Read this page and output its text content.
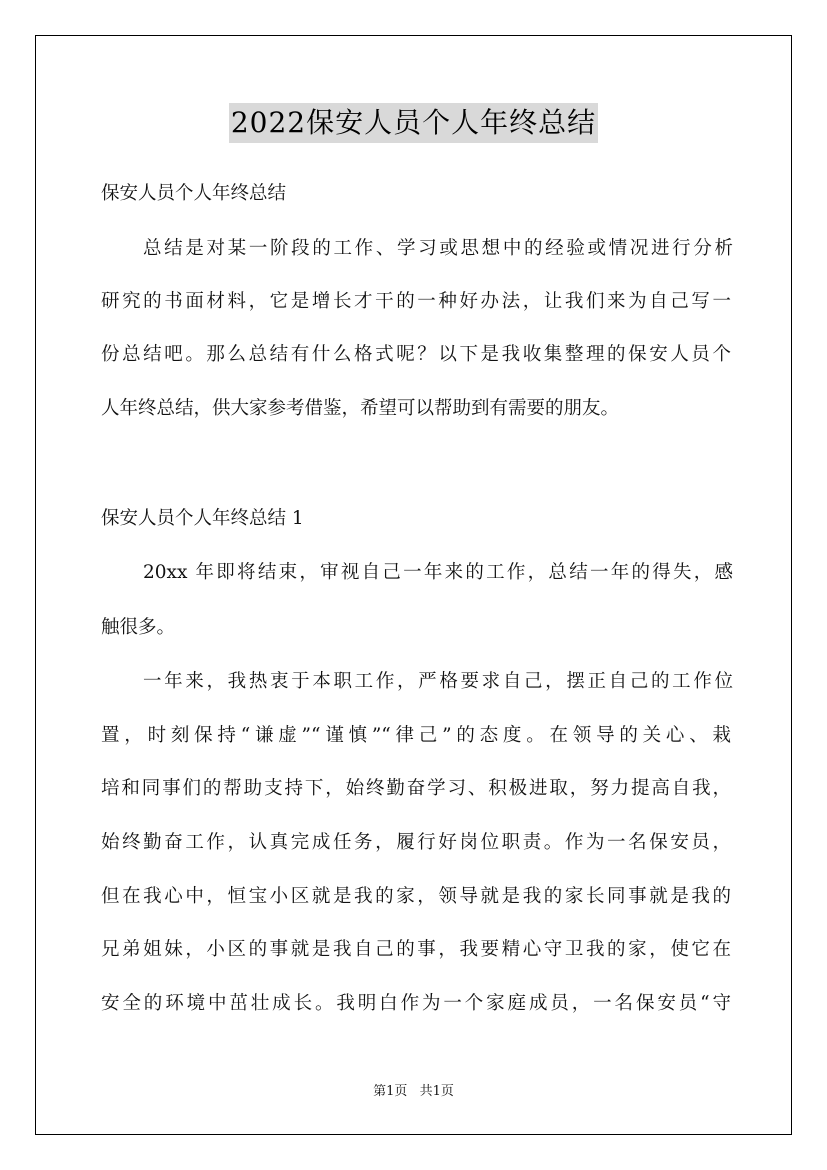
2022保安人员个人年终总结
保安人员个人年终总结
总结是对某一阶段的工作、学习或思想中的经验或情况进行分析
研究的书面材料，它是增长才干的一种好办法，让我们来为自己写一
份总结吧。那么总结有什么格式呢？以下是我收集整理的保安人员个
人年终总结，供大家参考借鉴，希望可以帮助到有需要的朋友。
保安人员个人年终总结 1
20xx 年即将结束，审视自己一年来的工作，总结一年的得失，感
触很多。
一年来，我热衷于本职工作，严格要求自己，摆正自己的工作位
置，时刻保持“谦虚”“谨慎”“律己”的态度。在领导的关心、栽
培和同事们的帮助支持下，始终勤奋学习、积极进取，努力提高自我，
始终勤奋工作，认真完成任务，履行好岗位职责。作为一名保安员，
但在我心中，恒宝小区就是我的家，领导就是我的家长同事就是我的
兄弟姐妹，小区的事就是我自己的事，我要精心守卫我的家，使它在
安全的环境中茁壮成长。我明白作为一个家庭成员，一名保安员“守
第1页 共1页
